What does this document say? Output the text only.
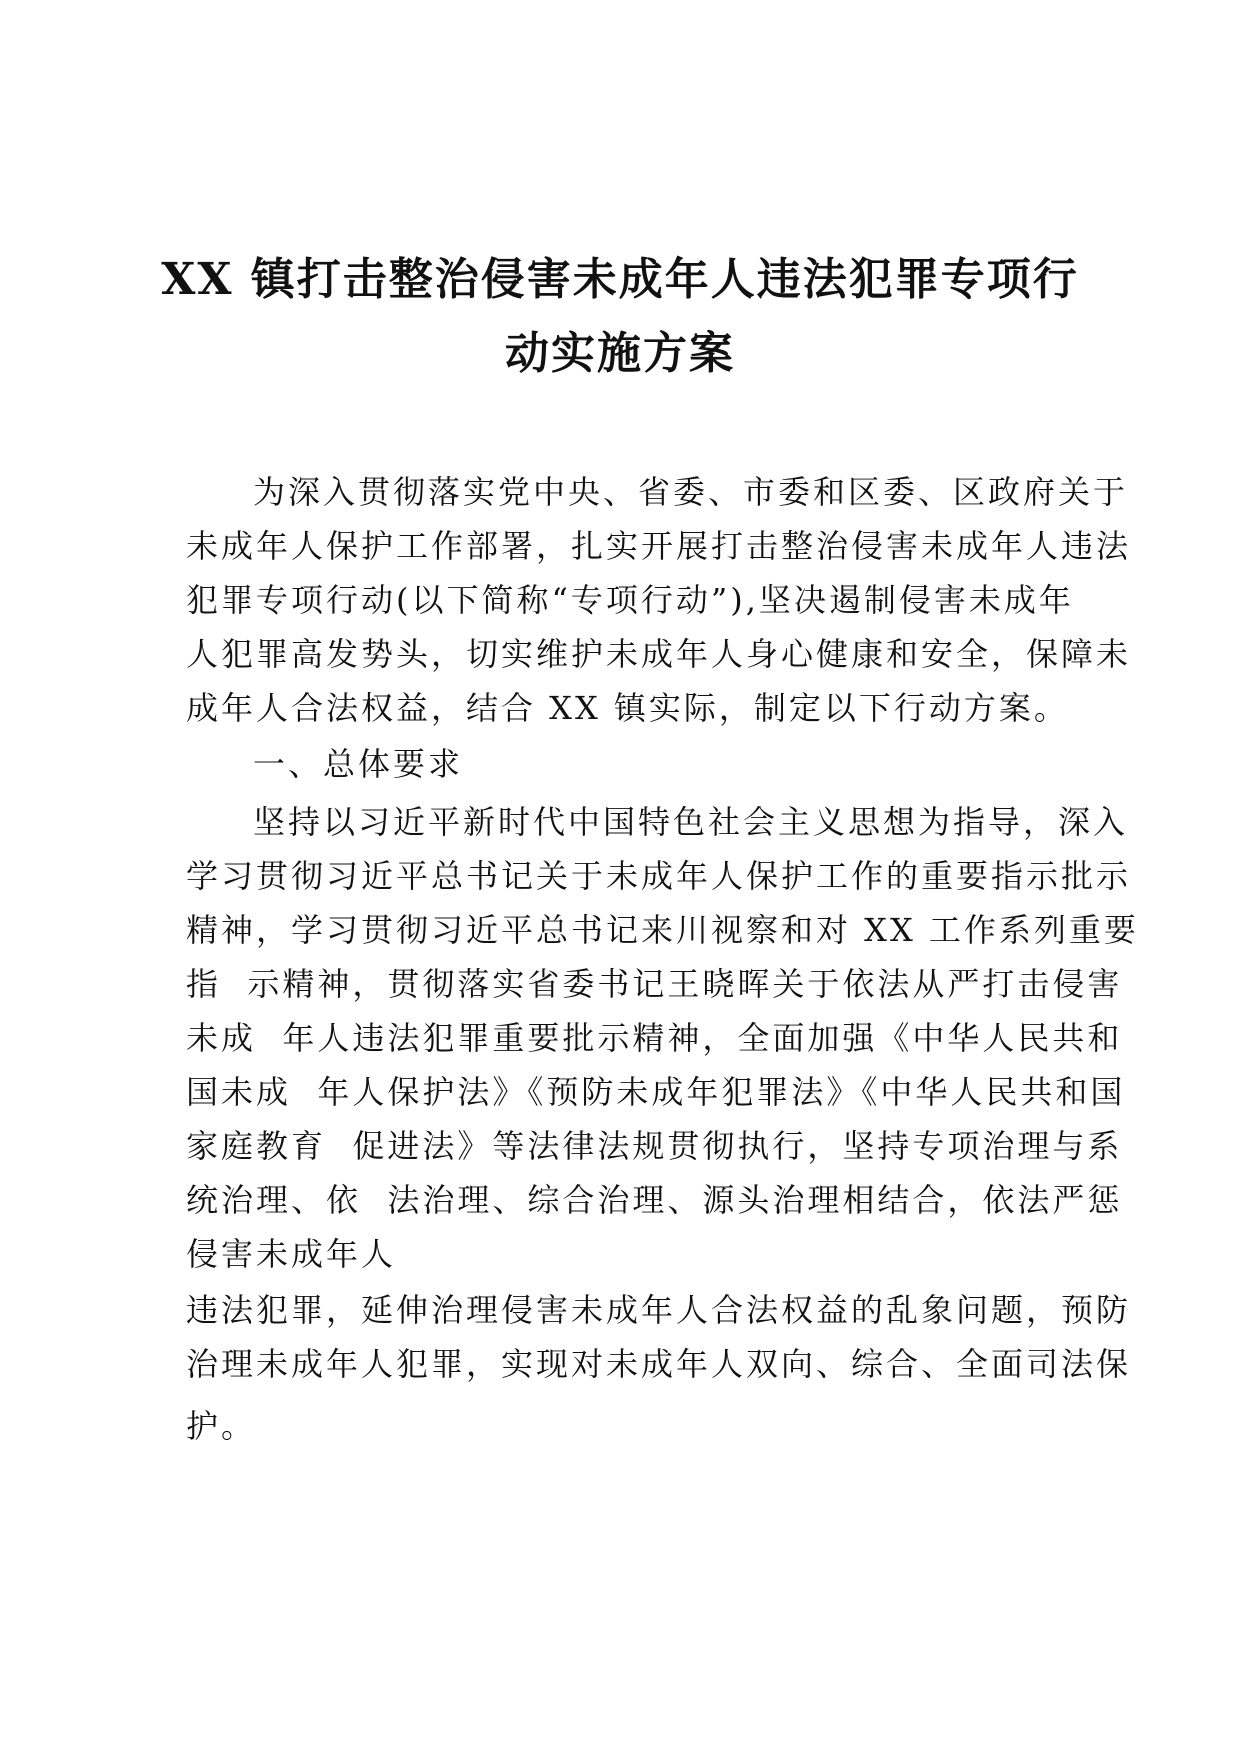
XX 镇打击整治侵害未成年人违法犯罪专项行
动实施方案
为深入贯彻落实党中央、省委、市委和区委、区政府关于
未成年人保护工作部署，扎实开展打击整治侵害未成年人违法
犯罪专项行动(以下简称“专项行动”),坚决遏制侵害未成年
人犯罪高发势头，切实维护未成年人身心健康和安全，保障未
成年人合法权益，结合 XX 镇实际，制定以下行动方案。
一、总体要求
坚持以习近平新时代中国特色社会主义思想为指导，深入
学习贯彻习近平总书记关于未成年人保护工作的重要指示批示
精神，学习贯彻习近平总书记来川视察和对 XX 工作系列重要
指  示精神，贯彻落实省委书记王晓晖关于依法从严打击侵害
未成  年人违法犯罪重要批示精神，全面加强《中华人民共和
国未成  年人保护法》《预防未成年犯罪法》《中华人民共和国
家庭教育  促进法》等法律法规贯彻执行，坚持专项治理与系
统治理、依  法治理、综合治理、源头治理相结合，依法严惩
侵害未成年人
违法犯罪，延伸治理侵害未成年人合法权益的乱象问题，预防
治理未成年人犯罪，实现对未成年人双向、综合、全面司法保
护。
